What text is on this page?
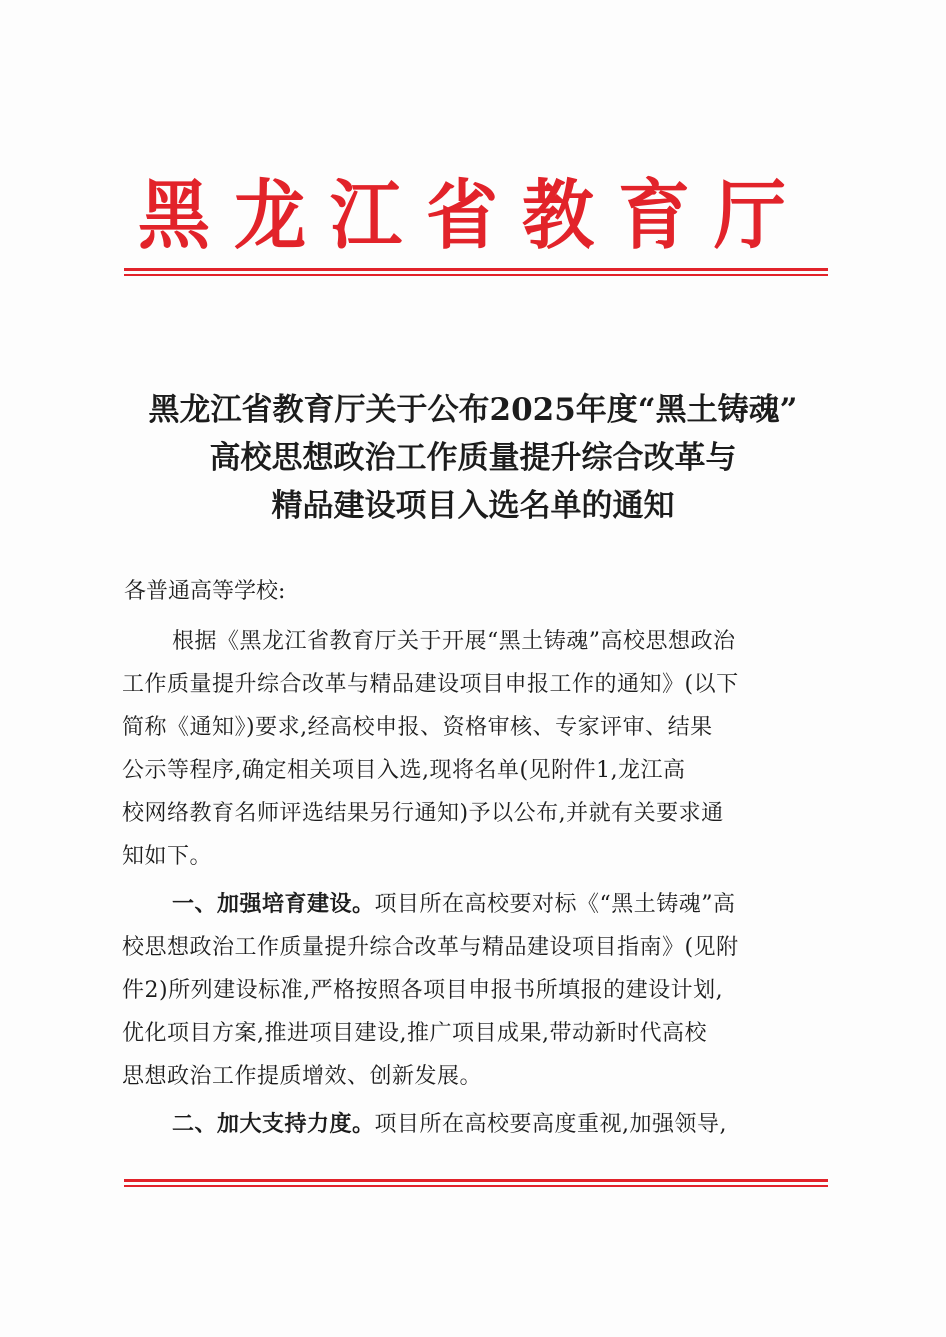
黑龙江省教育厅
黑龙江省教育厅关于公布2025年度“黑土铸魂”
高校思想政治工作质量提升综合改革与
精品建设项目入选名单的通知
各普通高等学校:

根据《黑龙江省教育厅关于开展“黑土铸魂”高校思想政治
工作质量提升综合改革与精品建设项目申报工作的通知》(以下
简称《通知》)要求,经高校申报、资格审核、专家评审、结果
公示等程序,确定相关项目入选,现将名单(见附件1,龙江高
校网络教育名师评选结果另行通知)予以公布,并就有关要求通
知如下。

一、加强培育建设。项目所在高校要对标《“黑土铸魂”高
校思想政治工作质量提升综合改革与精品建设项目指南》(见附
件2)所列建设标准,严格按照各项目申报书所填报的建设计划,
优化项目方案,推进项目建设,推广项目成果,带动新时代高校
思想政治工作提质增效、创新发展。

二、加大支持力度。项目所在高校要高度重视,加强领导,
